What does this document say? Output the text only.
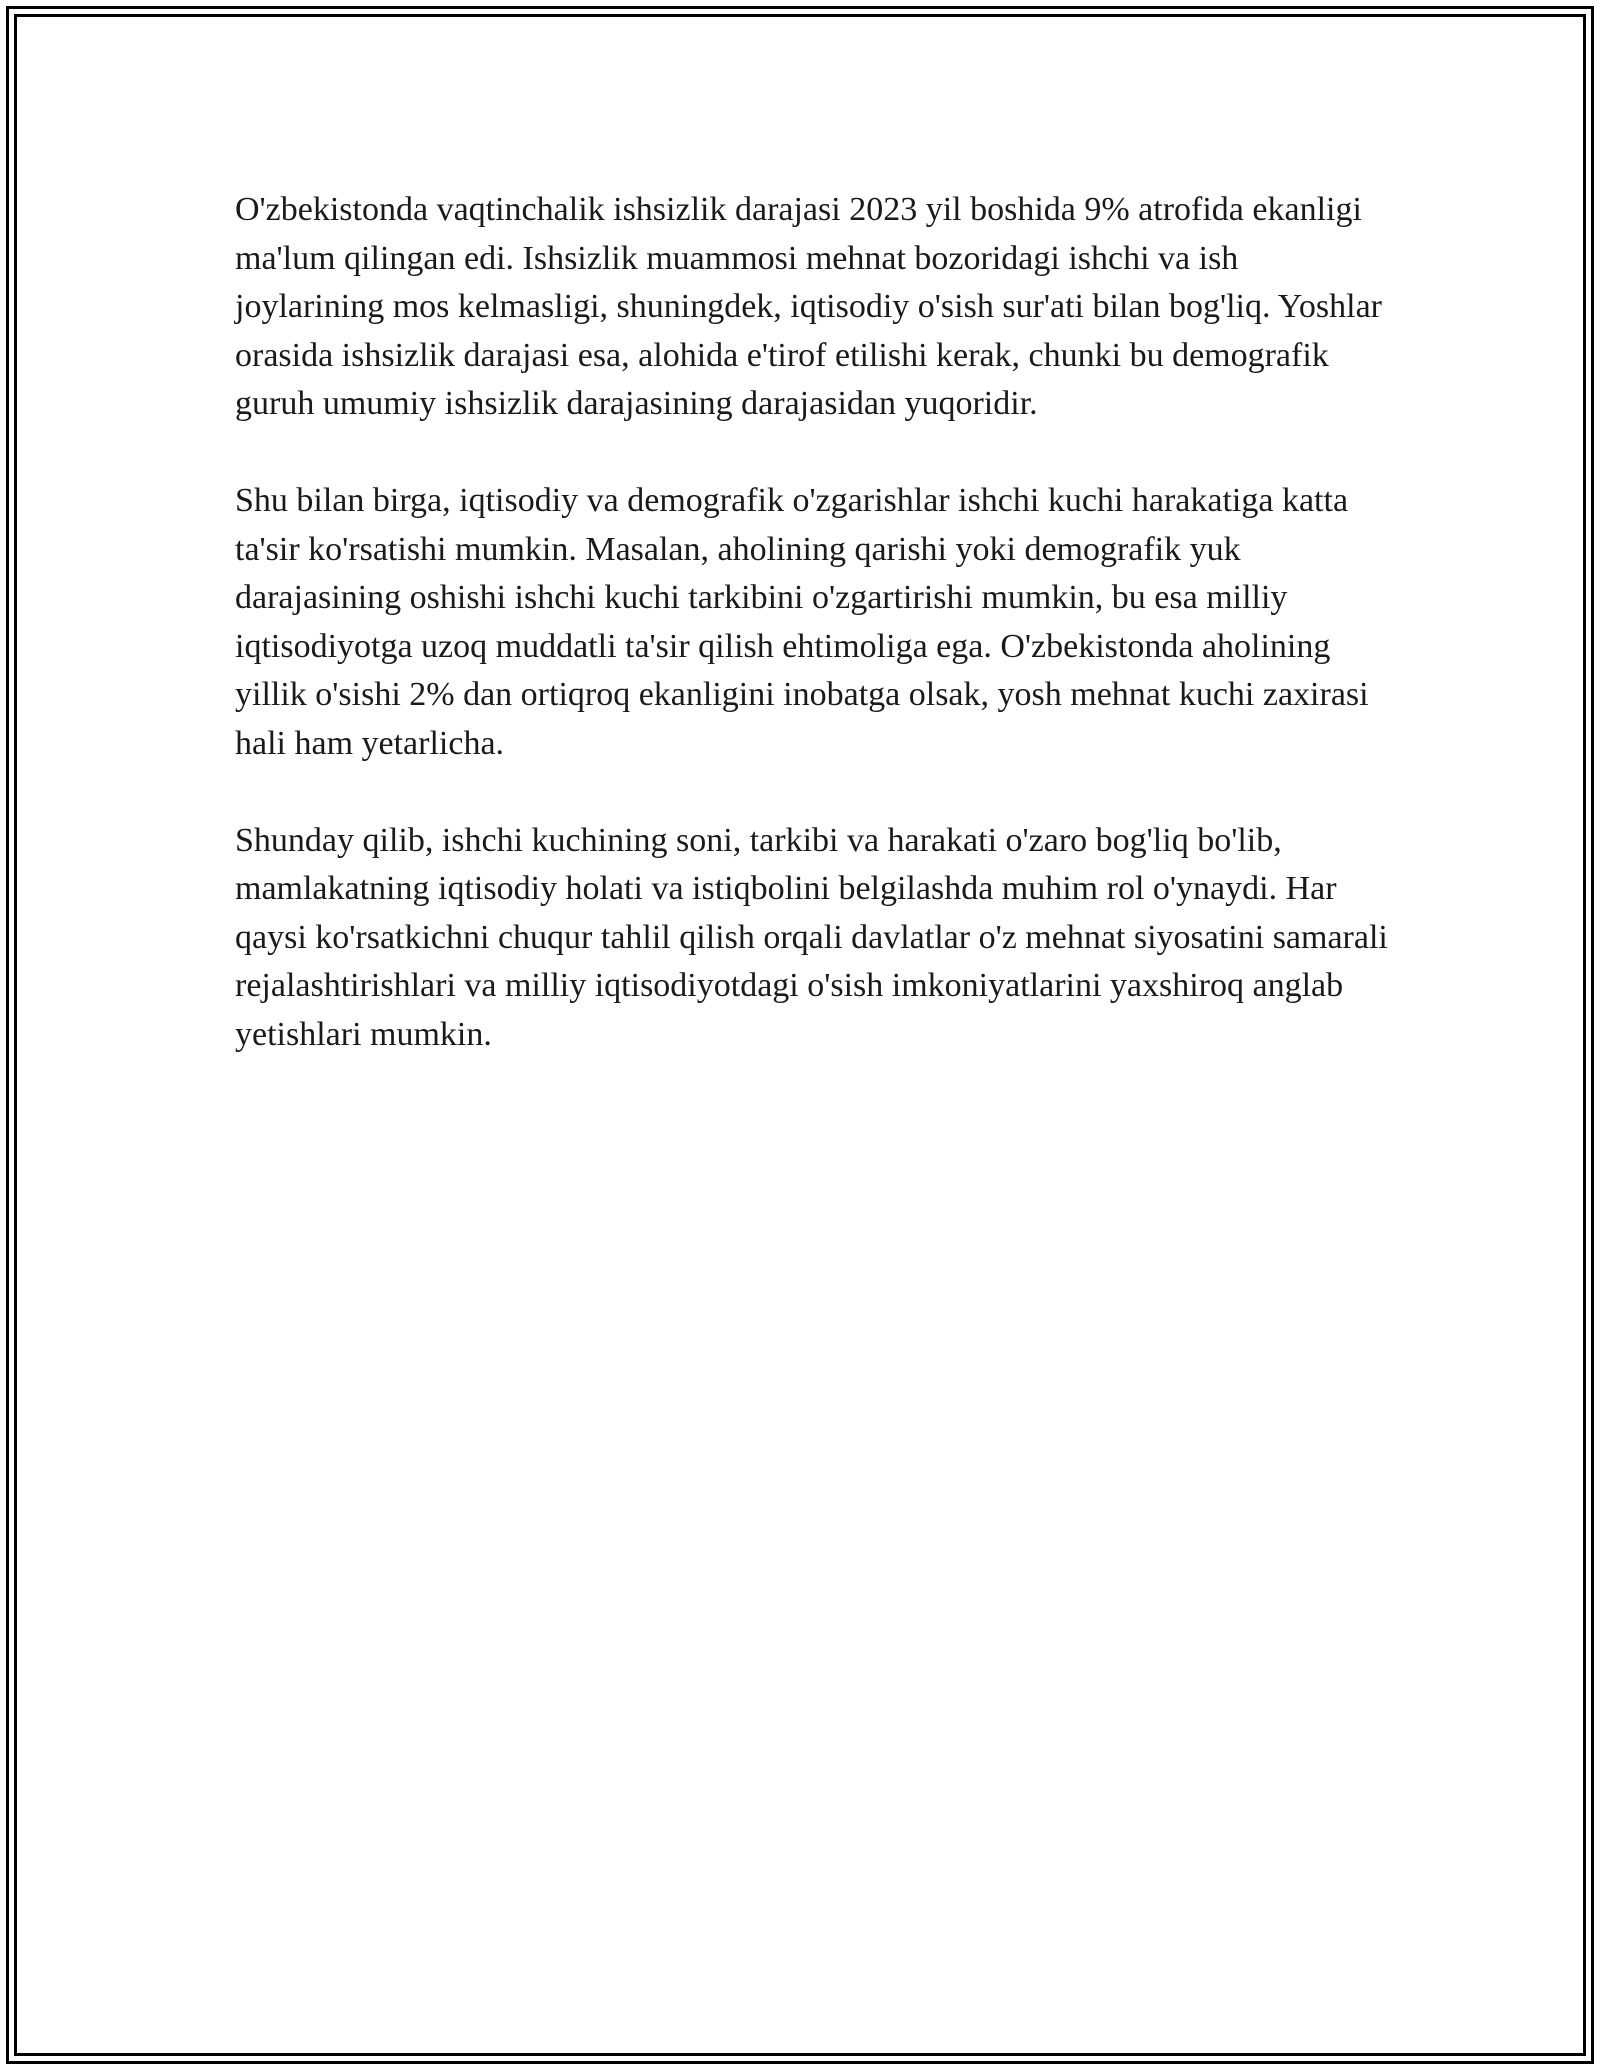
O'zbekistonda vaqtinchalik ishsizlik darajasi 2023 yil boshida 9% atrofida ekanligi ma'lum qilingan edi. Ishsizlik muammosi mehnat bozoridagi ishchi va ish joylarining mos kelmasligi, shuningdek, iqtisodiy o'sish sur'ati bilan bog'liq. Yoshlar orasida ishsizlik darajasi esa, alohida e'tirof etilishi kerak, chunki bu demografik guruh umumiy ishsizlik darajasining darajasidan yuqoridir.

Shu bilan birga, iqtisodiy va demografik o'zgarishlar ishchi kuchi harakatiga katta ta'sir ko'rsatishi mumkin. Masalan, aholining qarishi yoki demografik yuk darajasining oshishi ishchi kuchi tarkibini o'zgartirishi mumkin, bu esa milliy iqtisodiyotga uzoq muddatli ta'sir qilish ehtimoliga ega. O'zbekistonda aholining yillik o'sishi 2% dan ortiqroq ekanligini inobatga olsak, yosh mehnat kuchi zaxirasi hali ham yetarlicha.

Shunday qilib, ishchi kuchining soni, tarkibi va harakati o'zaro bog'liq bo'lib, mamlakatning iqtisodiy holati va istiqbolini belgilashda muhim rol o'ynaydi. Har qaysi ko'rsatkichni chuqur tahlil qilish orqali davlatlar o'z mehnat siyosatini samarali rejalashtirishlari va milliy iqtisodiyotdagi o'sish imkoniyatlarini yaxshiroq anglab yetishlari mumkin.
